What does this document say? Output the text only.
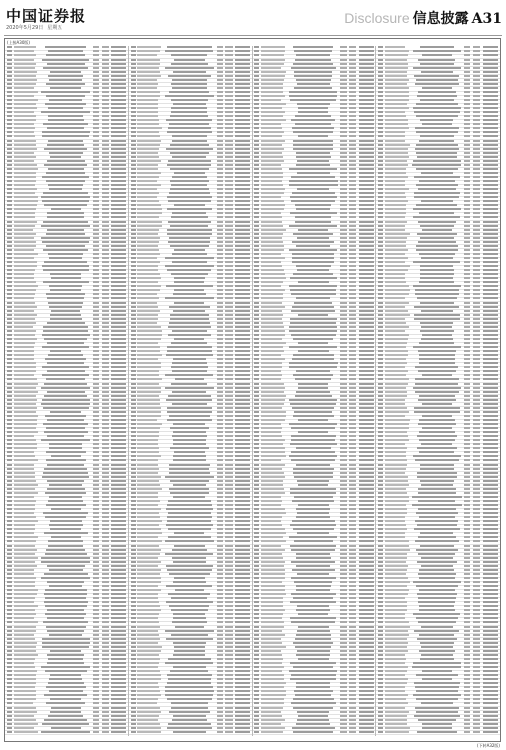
中国证券报
2020年5月29日 星期五
Disclosure 信息披露 A31
(上接A30版)
(下转A32版)
